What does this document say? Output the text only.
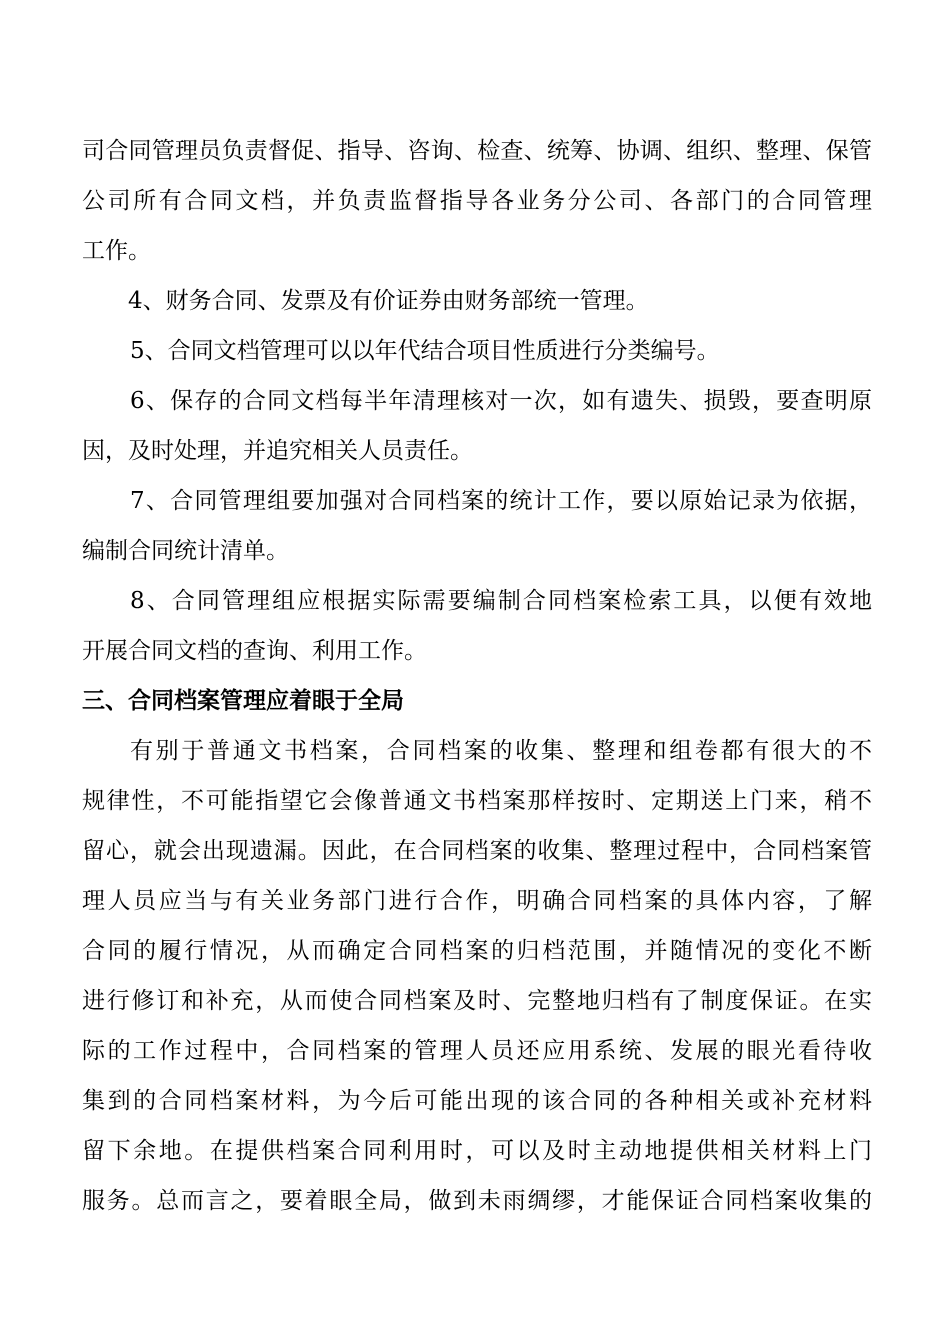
司合同管理员负责督促、指导、咨询、检查、统筹、协调、组织、整理、保管
公司所有合同文档，并负责监督指导各业务分公司、各部门的合同管理
工作。
4、财务合同、发票及有价证券由财务部统一管理。
5、合同文档管理可以以年代结合项目性质进行分类编号。
6、保存的合同文档每半年清理核对一次，如有遗失、损毁，要查明原
因，及时处理，并追究相关人员责任。
7、合同管理组要加强对合同档案的统计工作，要以原始记录为依据，
编制合同统计清单。
8、合同管理组应根据实际需要编制合同档案检索工具，以便有效地
开展合同文档的查询、利用工作。
三、合同档案管理应着眼于全局
有别于普通文书档案，合同档案的收集、整理和组卷都有很大的不
规律性，不可能指望它会像普通文书档案那样按时、定期送上门来，稍不
留心，就会出现遗漏。因此，在合同档案的收集、整理过程中，合同档案管
理人员应当与有关业务部门进行合作，明确合同档案的具体内容，了解
合同的履行情况，从而确定合同档案的归档范围，并随情况的变化不断
进行修订和补充，从而使合同档案及时、完整地归档有了制度保证。在实
际的工作过程中，合同档案的管理人员还应用系统、发展的眼光看待收
集到的合同档案材料，为今后可能出现的该合同的各种相关或补充材料
留下余地。在提供档案合同利用时，可以及时主动地提供相关材料上门
服务。总而言之，要着眼全局，做到未雨绸缪，才能保证合同档案收集的
